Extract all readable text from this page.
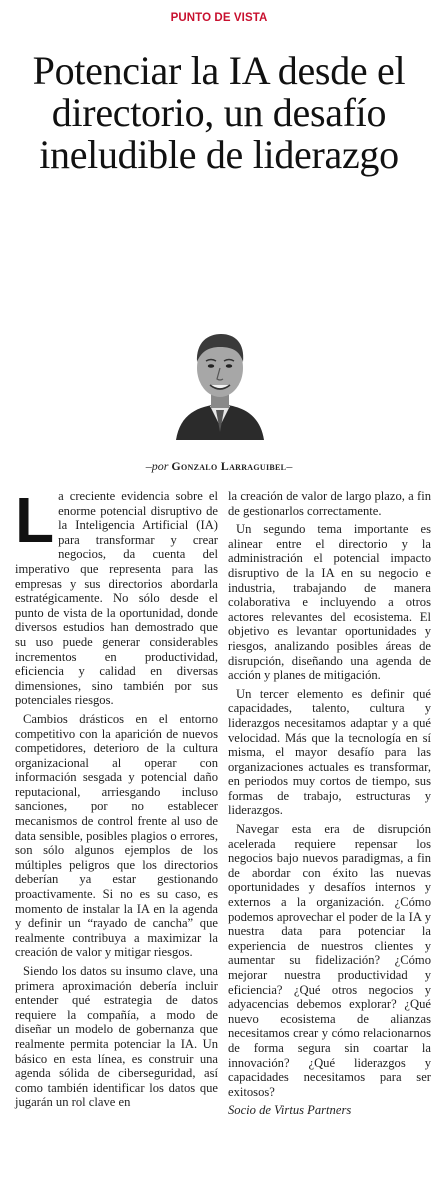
PUNTO DE VISTA
Potenciar la IA desde el directorio, un desafío ineludible de liderazgo
–por Gonzalo Larraguibel–

La creciente evidencia sobre el enorme potencial disruptivo de la Inteligencia Artificial (IA) para transformar y crear negocios, da cuenta del imperativo que representa para las empresas y sus directorios abordarla estratégicamente. No sólo desde el punto de vista de la oportunidad, donde diversos estudios han demostrado que su uso puede generar considerables incrementos en productividad, eficiencia y calidad en diversas dimensiones, sino también por sus potenciales riesgos.

Cambios drásticos en el entorno competitivo con la aparición de nuevos competidores, deterioro de la cultura organizacional al operar con información sesgada y potencial daño reputacional, arriesgando incluso sanciones, por no establecer mecanismos de control frente al uso de data sensible, posibles plagios o errores, son sólo algunos ejemplos de los múltiples peligros que los directorios deberían ya estar gestionando proactivamente. Si no es su caso, es momento de instalar la IA en la agenda y definir un “rayado de cancha” que realmente contribuya a maximizar la creación de valor y mitigar riesgos.

Siendo los datos su insumo clave, una primera aproximación debería incluir entender qué estrategia de datos requiere la compañía, a modo de diseñar un modelo de gobernanza que realmente permita potenciar la IA. Un básico en esta línea, es construir una agenda sólida de ciberseguridad, así como también identificar los datos que jugarán un rol clave en

la creación de valor de largo plazo, a fin de gestionarlos correctamente.

Un segundo tema importante es alinear entre el directorio y la administración el potencial impacto disruptivo de la IA en su negocio e industria, trabajando de manera colaborativa e incluyendo a otros actores relevantes del ecosistema. El objetivo es levantar oportunidades y riesgos, analizando posibles áreas de disrupción, diseñando una agenda de acción y planes de mitigación.

Un tercer elemento es definir qué capacidades, talento, cultura y liderazgos necesitamos adaptar y a qué velocidad. Más que la tecnología en sí misma, el mayor desafío para las organizaciones actuales es transformar, en periodos muy cortos de tiempo, sus formas de trabajo, estructuras y liderazgos.

Navegar esta era de disrupción acelerada requiere repensar los negocios bajo nuevos paradigmas, a fin de abordar con éxito las nuevas oportunidades y desafíos internos y externos a la organización. ¿Cómo podemos aprovechar el poder de la IA y nuestra data para potenciar la experiencia de nuestros clientes y aumentar su fidelización? ¿Cómo mejorar nuestra productividad y eficiencia? ¿Qué otros negocios y adyacencias debemos explorar? ¿Qué nuevo ecosistema de alianzas necesitamos crear y cómo relacionarnos de forma segura sin coartar la innovación? ¿Qué liderazgos y capacidades necesitamos para ser exitosos?

Socio de Virtus Partners
